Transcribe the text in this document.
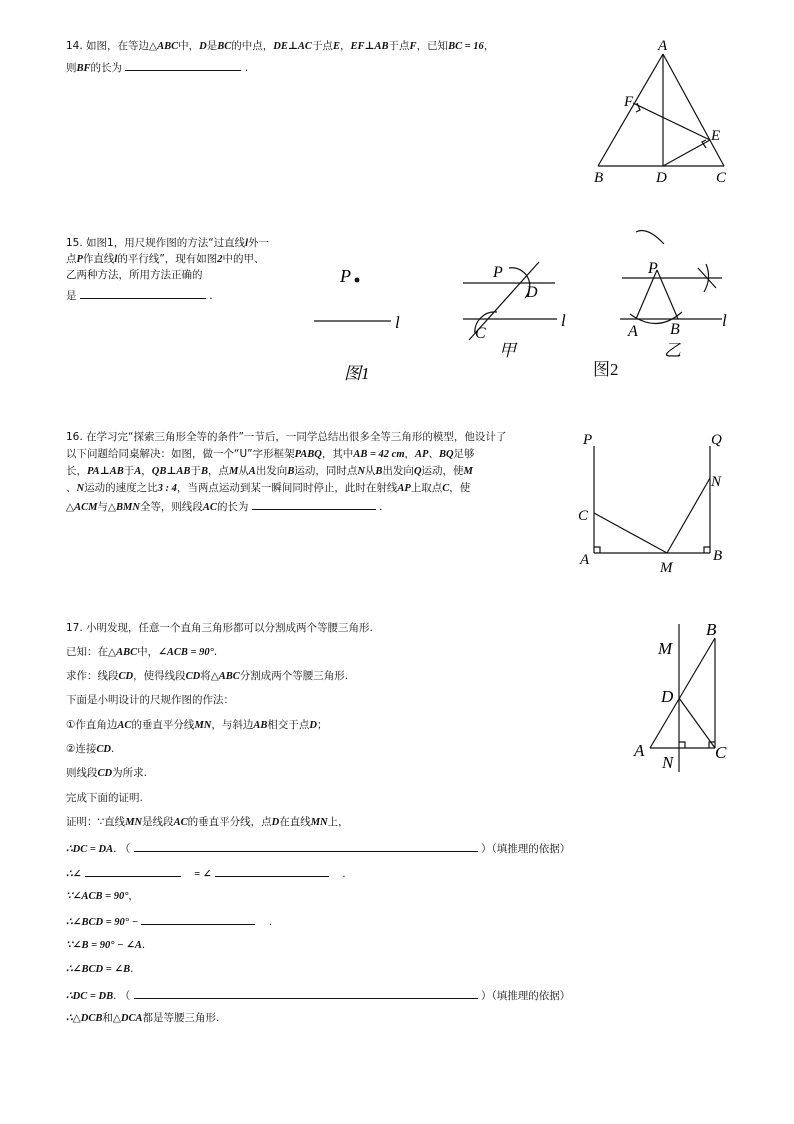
14. 如图，在等边△ABC中，D是BC的中点，DE⊥AC于点E，EF⊥AB于点F，已知BC = 16，
则BF的长为	.
A
F
E
B	D	C
15. 如图1，用尺规作图的方法“过直线l外一
点P作直线l的平行线”，现有如图2中的甲、
乙两种方法，所用方法正确的
是	.
P
l
图1
P
D
C
l
甲
P
A B l
乙
图2
16. 在学习完“探索三角形全等的条件”一节后，一同学总结出很多全等三角形的模型，他设计了
以下问题给同桌解决：如图，做一个“U”字形框架PABQ，其中AB = 42 cm，AP、BQ足够
长，PA⊥AB于A，QB⊥AB于B，点M从A出发向B运动，同时点N从B出发向Q运动，使M
、N运动的速度之比3 : 4，当两点运动到某一瞬间同时停止，此时在射线AP上取点C，使
△ACM与△BMN全等，则线段AC的长为	.
P	Q
N
C
A	B
M
17. 小明发现，任意一个直角三角形都可以分割成两个等腰三角形.
已知：在△ABC中，∠ACB = 90°.
求作：线段CD，使得线段CD将△ABC分割成两个等腰三角形.
下面是小明设计的尺规作图的作法：
①作直角边AC的垂直平分线MN，与斜边AB相交于点D；
②连接CD.
则线段CD为所求.
完成下面的证明.
证明：∵直线MN是线段AC的垂直平分线，点D在直线MN上，
∴DC = DA. （	）（填推理的依据）
∴∠	= ∠	.
∵∠ACB = 90°，
∴∠BCD = 90° −	.
∵∠B = 90° − ∠A.
∴∠BCD = ∠B.
∴DC = DB. （	）（填推理的依据）
∴△DCB和△DCA都是等腰三角形.
B
M
D
A	C
N
